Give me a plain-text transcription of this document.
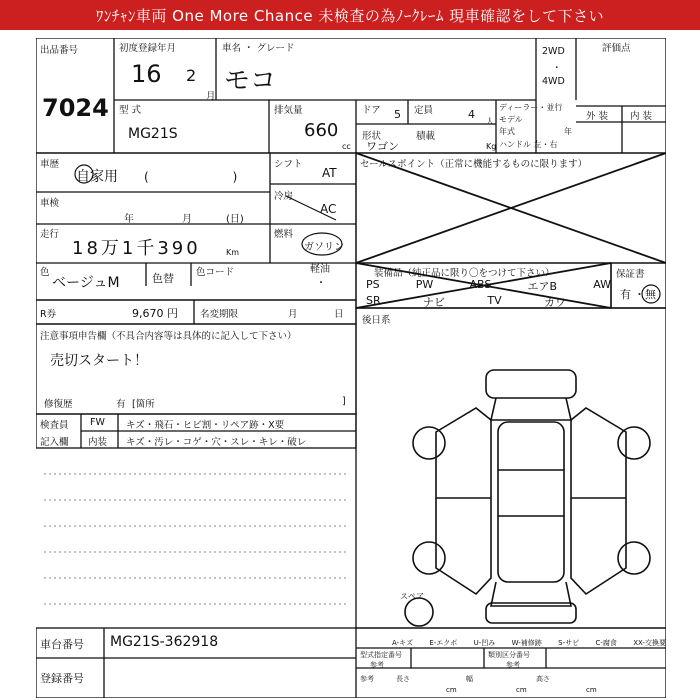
ﾜﾝﾁｬﾝ車両 One More Chance 未検査の為ﾉｰｸﾚｰﾑ 現車確認をして下さい
出品番号
7024
初度登録年月
16 2
月
車名 ・ グレード
モコ
2WD
・
4WD
評価点
型 式
MG21S
排気量
660
cc
ドア 5 定員	4
人
形状
ワゴン
積載
Kg
ディーラー・並行
モデル
年式	年
ハンドル 左・右
外 装 内 装
車歴
自家用 (　　　　　　　)
車検
年	月	(日)
走行
18万1千390	Km
色
ベージュM	色替 色コード
シフト
AT
冷房
AC
燃料
ガソリン
軽油
・
セールスポイント（正常に機能するものに限ります）
装備品（純正品に限り〇をつけて下さい）
PS	PW	ABS	エアB	AW
SR	ナビ	TV	カワ
保証書
有 ・ 無
R券	9,670 円 名変期限	月	日
後日系
注意事項申告欄（不具合内容等は具体的に記入して下さい）
売切スタート！
修復歴	有 [箇所	]
検査員
記入欄
FW キズ・飛石・ヒビ割・リペア跡・X要
内装 キズ・汚レ・コゲ・穴・スレ・キレ・破レ
スペア
A-キズ E-エクボ U-凹み W-補修跡 S-サビ C-腐食 XX-交換要
車台番号 MG21S-362918
登録番号
型式指定番号	類別区分番号
参考	参考
参考	長さ	幅	高さ
cm	cm	cm
